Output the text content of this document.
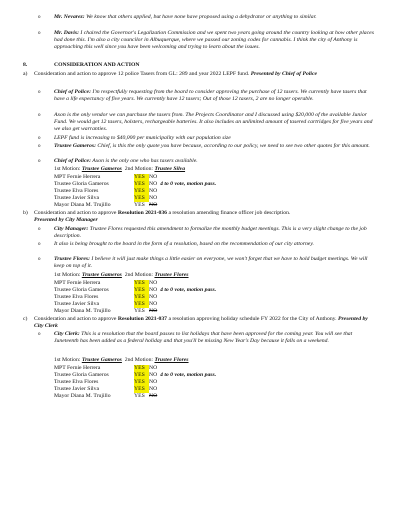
o Mr. Nevarez: We know that others applied, but have none have proposed using a dehydrator or anything to similar.

o Mr. Davis: I chaired the Governor's Legalization Commission and we spent two years going around the country looking at how other places had done this. I'm also a city councilor in Albuquerque, where we passed our zoning codes for cannabis. I think the city of Anthony is approaching this well since you have been welcoming and trying to learn about the issues.

8.	CONSIDERATION AND ACTION
a) Consideration and action to approve 12 police Tasers from GL: 289 and year 2022 LEPF fund. Presented by Chief of Police

o Chief of Police: I'm respectfully requesting from the board to consider approving the purchase of 12 tasers. We currently have tasers that have a life expectancy of five years. We currently have 12 tasers; Out of those 12 tasers, 2 are no longer operable.

o Axon is the only vendor we can purchase the tasers from. The Projects Coordinator and I discussed using $20,000 of the available Junior Fund. We would get 12 tasers, holsters, rechargeable batteries. It also includes an unlimited amount of tasered cartridges for five years and we also get warranties.

o LEPF fund is increasing to $40,000 per municipality with our population size

o Trustee Gameros: Chief, is this the only quote you have because, according to our policy, we need to see two other quotes for this amount.

o Chief of Police: Axon is the only one who has tasers available.

1st Motion: Trustee Gameros 2nd Motion: Trustee Silva

MPT Fernie Herrera	YES NO
Trustee Gloria Gameros	YES NO 4 to 0 vote, motion pass.
Trustee Elva Flores	YES NO
Trustee Javier Silva	YES NO
Mayor Diana M. Trujillo	YES NO
b) Consideration and action to approve Resolution 2021-036 a resolution amending finance officer job description.
Presented by City Manager

o City Manager: Trustee Flores requested this amendment to formalize the monthly budget meetings. This is a very slight change to the job description.

o It also is being brought to the board in the form of a resolution, based on the recommendation of our city attorney.

o Trustee Flores: I believe it will just make things a little easier on everyone, we won't forget that we have to hold budget meetings. We will keep on top of it.

1st Motion: Trustee Gameros 2nd Motion: Trustee Flores

MPT Fernie Herrera	YES NO
Trustee Gloria Gameros	YES NO 4 to 0 vote, motion pass.
Trustee Elva Flores	YES NO
Trustee Javier Silva	YES NO
Mayor Diana M. Trujillo	YES NO
c) Consideration and action to approve Resolution 2021-037 a resolution approving holiday schedule FY 2022 for the City of Anthony. Presented by City Clerk

o City Clerk: This is a resolution that the board passes to list holidays that have been approved for the coming year. You will see that Juneteenth has been added as a federal holiday and that you'll be missing New Year's Day because it falls on a weekend.

1st Motion: Trustee Gameros 2nd Motion: Trustee Flores

MPT Fernie Herrera	YES NO
Trustee Gloria Gameros	YES NO 4 to 0 vote, motion pass.
Trustee Elva Flores	YES NO
Trustee Javier Silva	YES NO
Mayor Diana M. Trujillo	YES NO
